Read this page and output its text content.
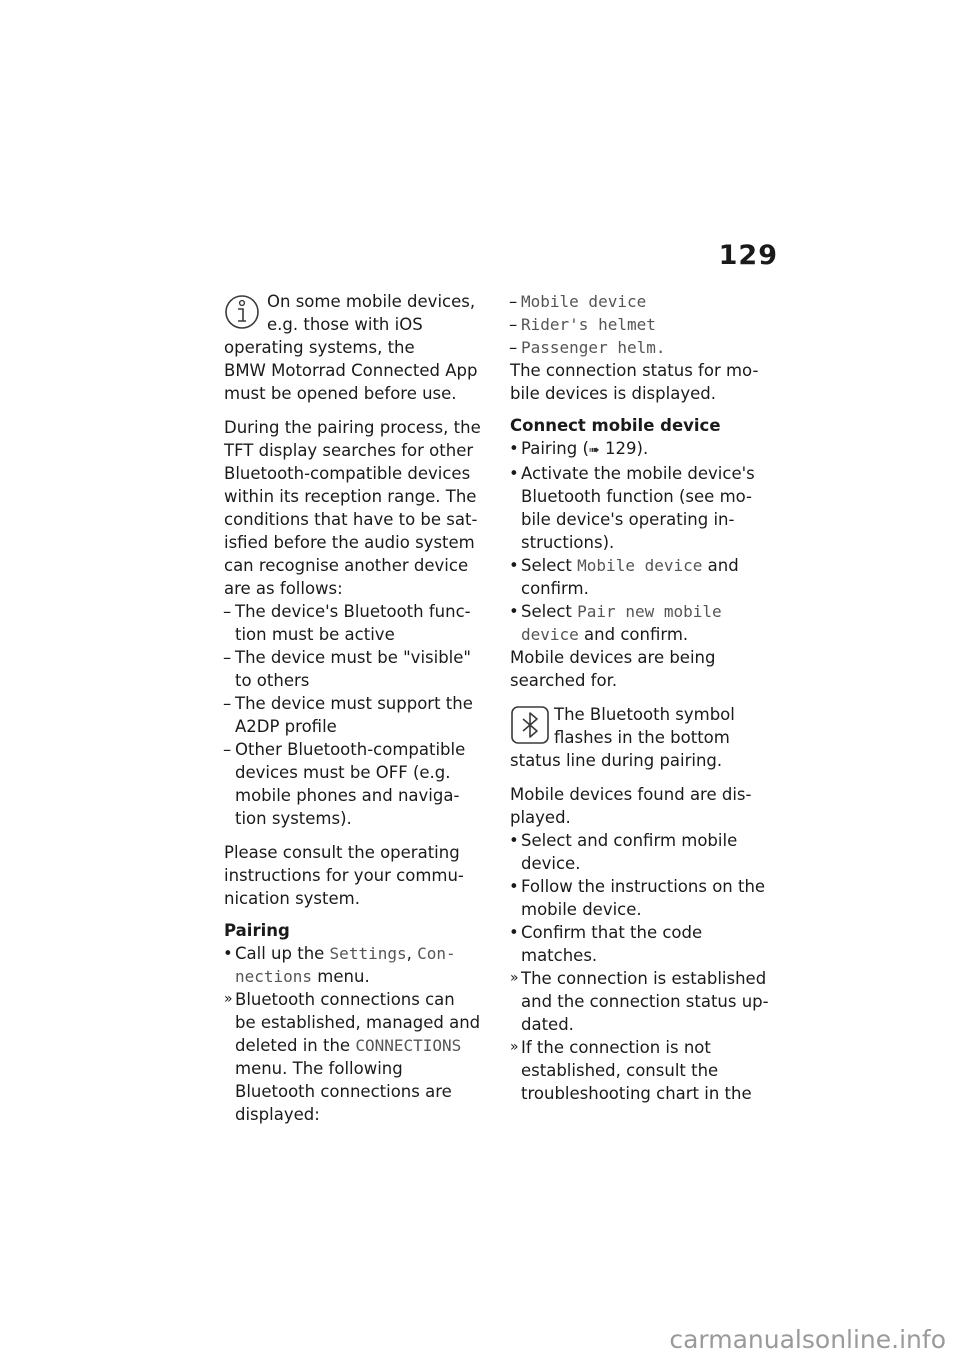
129

On some mobile devices,

e.g. those with iOS

operating systems, the

BMW Motorrad Connected App

must be opened before use.

During the pairing process, the

TFT display searches for other

Bluetooth-compatible devices

within its reception range. The

conditions that have to be sat-

isfied before the audio system

can recognise another device

are as follows:

– The device's Bluetooth func-
tion must be active
– The device must be "visible"
to others
– The device must support the
A2DP profile
– Other Bluetooth-compatible
devices must be OFF (e.g.
mobile phones and naviga-
tion systems).

Please consult the operating

instructions for your commu-

nication system.

Pairing

• Call up the Settings, Con-
nections menu.
» Bluetooth connections can
be established, managed and
deleted in the CONNECTIONS
menu. The following
Bluetooth connections are
displayed:
– Mobile device
– Rider's helmet
– Passenger helm.

The connection status for mo-

bile devices is displayed.

Connect mobile device

• Pairing (➠ 129).
• Activate the mobile device's
Bluetooth function (see mo-
bile device's operating in-
structions).
• Select Mobile device and
confirm.
• Select Pair new mobile
device and confirm.

Mobile devices are being

searched for.

The Bluetooth symbol

flashes in the bottom

status line during pairing.

Mobile devices found are dis-

played.

• Select and confirm mobile
device.
• Follow the instructions on the
mobile device.
• Confirm that the code
matches.
» The connection is established
and the connection status up-
dated.
» If the connection is not
established, consult the
troubleshooting chart in the
carmanualsonline.info
